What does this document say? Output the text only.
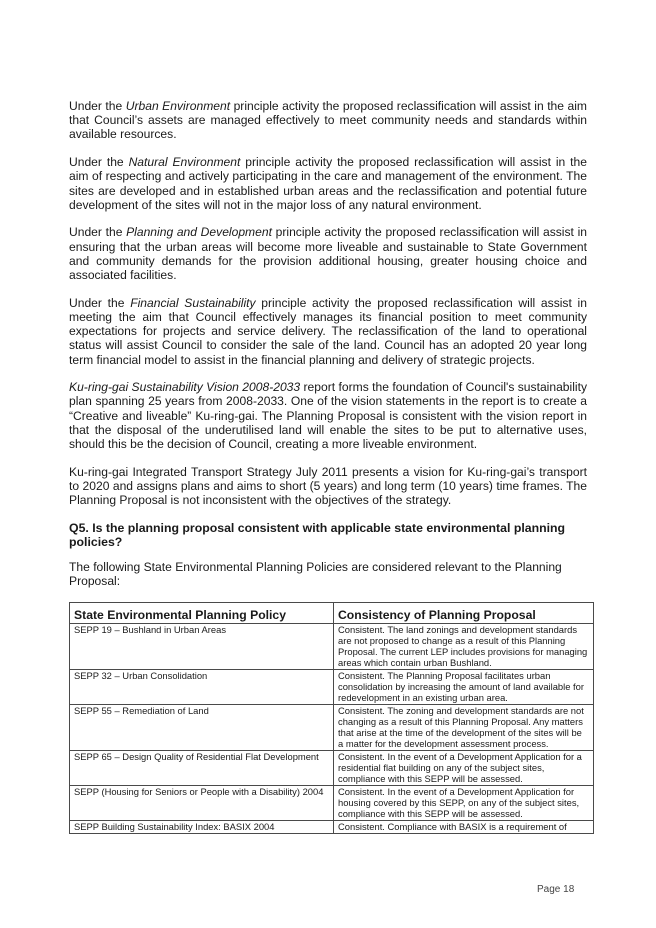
Under the Urban Environment principle activity the proposed reclassification will assist in the aim that Council’s assets are managed effectively to meet community needs and standards within available resources.

Under the Natural Environment principle activity the proposed reclassification will assist in the aim of respecting and actively participating in the care and management of the environment. The sites are developed and in established urban areas and the reclassification and potential future development of the sites will not in the major loss of any natural environment.

Under the Planning and Development principle activity the proposed reclassification will assist in ensuring that the urban areas will become more liveable and sustainable to State Government and community demands for the provision additional housing, greater housing choice and associated facilities.

Under the Financial Sustainability principle activity the proposed reclassification will assist in meeting the aim that Council effectively manages its financial position to meet community expectations for projects and service delivery. The reclassification of the land to operational status will assist Council to consider the sale of the land. Council has an adopted 20 year long term financial model to assist in the financial planning and delivery of strategic projects.

Ku-ring-gai Sustainability Vision 2008-2033 report forms the foundation of Council's sustainability plan spanning 25 years from 2008-2033. One of the vision statements in the report is to create a “Creative and liveable” Ku-ring-gai. The Planning Proposal is consistent with the vision report in that the disposal of the underutilised land will enable the sites to be put to alternative uses, should this be the decision of Council, creating a more liveable environment.

Ku-ring-gai Integrated Transport Strategy July 2011 presents a vision for Ku-ring-gai’s transport to 2020 and assigns plans and aims to short (5 years) and long term (10 years) time frames. The Planning Proposal is not inconsistent with the objectives of the strategy.

Q5. Is the planning proposal consistent with applicable state environmental planning policies?

The following State Environmental Planning Policies are considered relevant to the Planning Proposal:

State Environmental Planning Policy	Consistency of Planning Proposal
SEPP 19 – Bushland in Urban Areas	Consistent. The land zonings and development standards are not proposed to change as a result of this Planning Proposal. The current LEP includes provisions for managing areas which contain urban Bushland.
SEPP 32 – Urban Consolidation	Consistent. The Planning Proposal facilitates urban consolidation by increasing the amount of land available for redevelopment in an existing urban area.
SEPP 55 – Remediation of Land	Consistent. The zoning and development standards are not changing as a result of this Planning Proposal. Any matters that arise at the time of the development of the sites will be a matter for the development assessment process.
SEPP 65 – Design Quality of Residential Flat Development	Consistent. In the event of a Development Application for a residential flat building on any of the subject sites, compliance with this SEPP will be assessed.
SEPP (Housing for Seniors or People with a Disability) 2004	Consistent. In the event of a Development Application for housing covered by this SEPP, on any of the subject sites, compliance with this SEPP will be assessed.
SEPP Building Sustainability Index: BASIX 2004	Consistent. Compliance with BASIX is a requirement of
Page 18
